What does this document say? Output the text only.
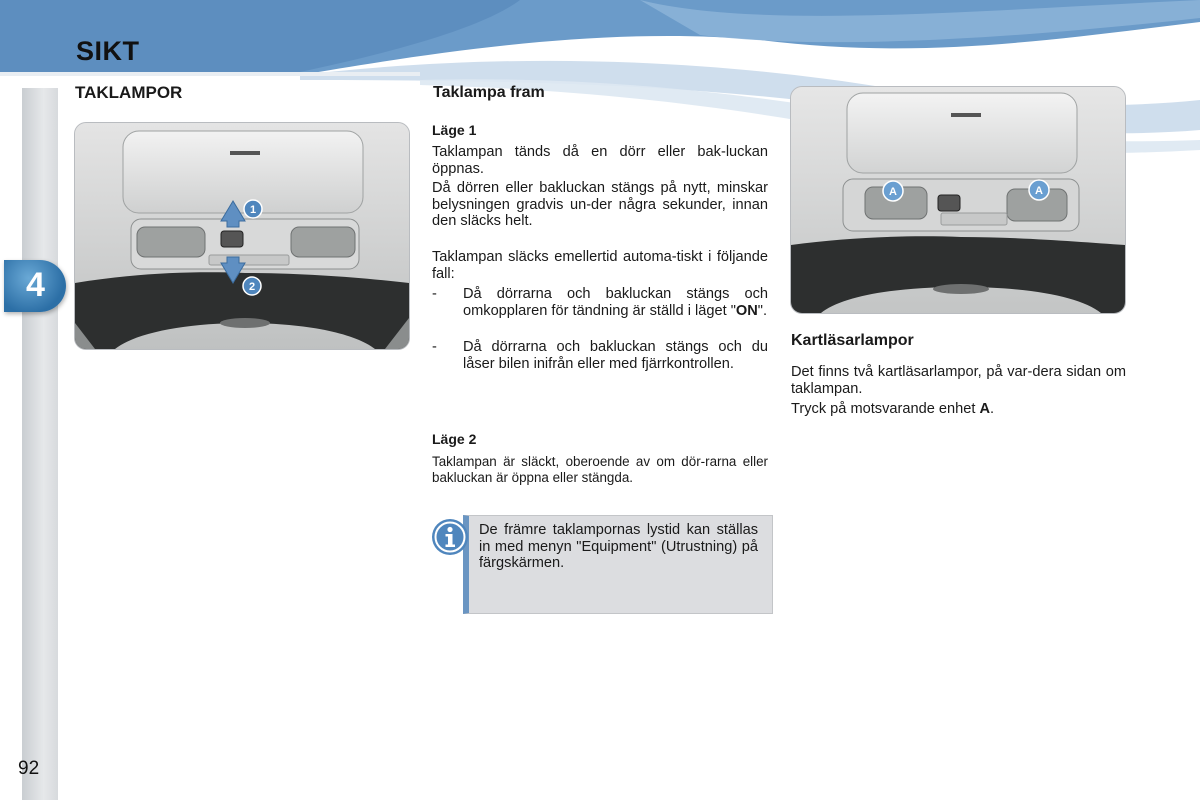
SIKT
4
92
TAKLAMPOR
1
2
Taklampa fram
Läge 1

Taklampan tänds då en dörr eller bak-luckan öppnas.

Då dörren eller bakluckan stängs på nytt, minskar belysningen gradvis un-der några sekunder, innan den släcks helt.

Taklampan släcks emellertid automa-tiskt i följande fall:

- Då dörrarna och bakluckan stängs och omkopplaren för tändning är ställd i läget "ON".
- Då dörrarna och bakluckan stängs och du låser bilen inifrån eller med fjärrkontrollen.
Läge 2

Taklampan är släckt, oberoende av om dör-rarna eller bakluckan är öppna eller stängda.

De främre taklampornas lystid kan ställas in med menyn "Equipment" (Utrustning) på färgskärmen.

A	A
Kartläsarlampor

Det finns två kartläsarlampor, på var-dera sidan om taklampan.

Tryck på motsvarande enhet A.
